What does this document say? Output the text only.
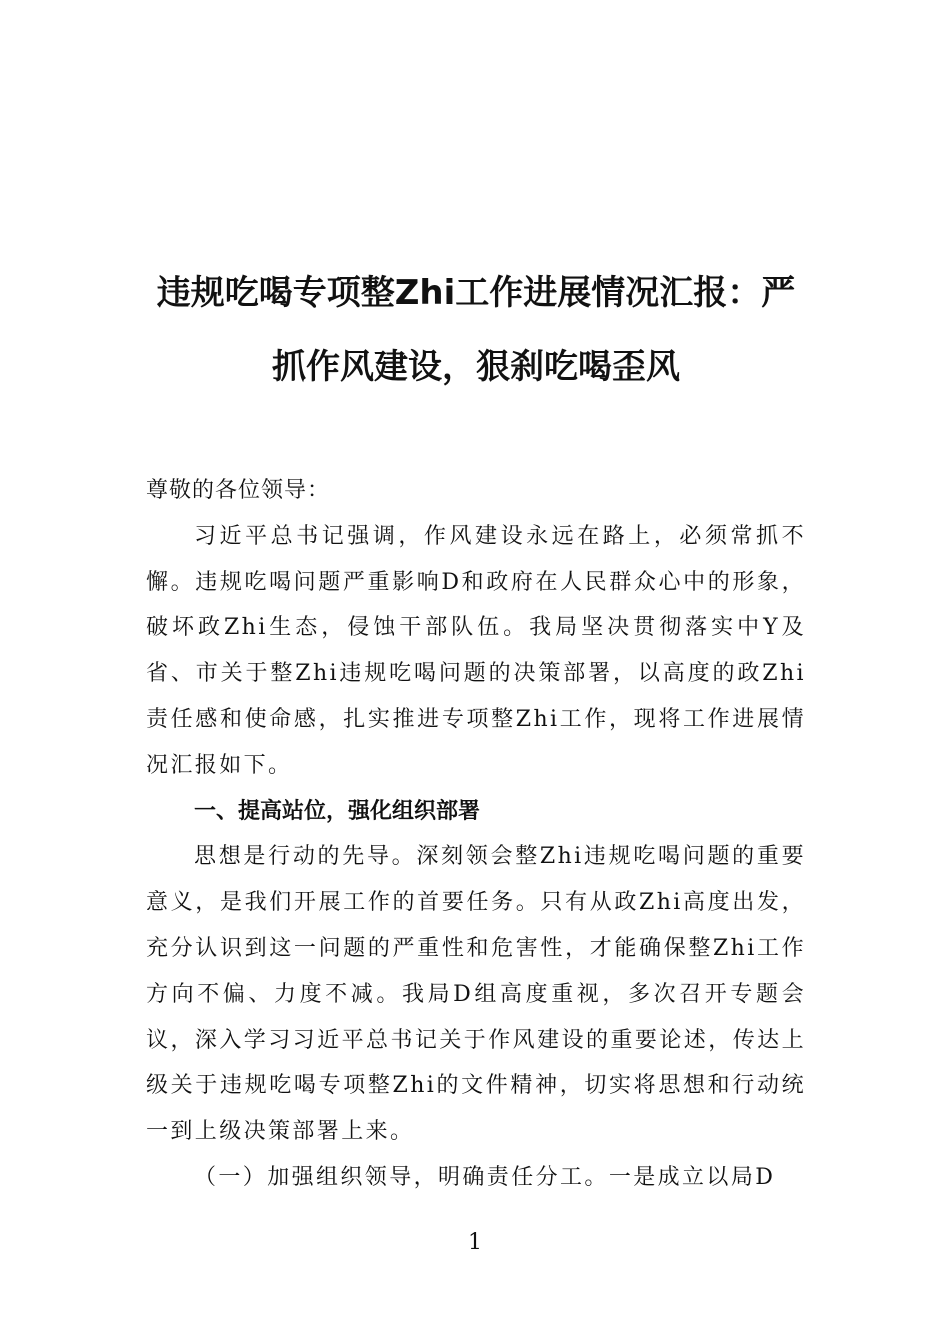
违规吃喝专项整Zhi工作进展情况汇报：严
抓作风建设，狠刹吃喝歪风

尊敬的各位领导：

习近平总书记强调，作风建设永远在路上，必须常抓不懈。违规吃喝问题严重影响D和政府在人民群众心中的形象，破坏政Zhi生态，侵蚀干部队伍。我局坚决贯彻落实中Y及省、市关于整Zhi违规吃喝问题的决策部署，以高度的政Zhi责任感和使命感，扎实推进专项整Zhi工作，现将工作进展情况汇报如下。

一、提高站位，强化组织部署

思想是行动的先导。深刻领会整Zhi违规吃喝问题的重要意义，是我们开展工作的首要任务。只有从政Zhi高度出发，充分认识到这一问题的严重性和危害性，才能确保整Zhi工作方向不偏、力度不减。我局D组高度重视，多次召开专题会议，深入学习习近平总书记关于作风建设的重要论述，传达上级关于违规吃喝专项整Zhi的文件精神，切实将思想和行动统一到上级决策部署上来。

（一）加强组织领导，明确责任分工。一是成立以局D

1
